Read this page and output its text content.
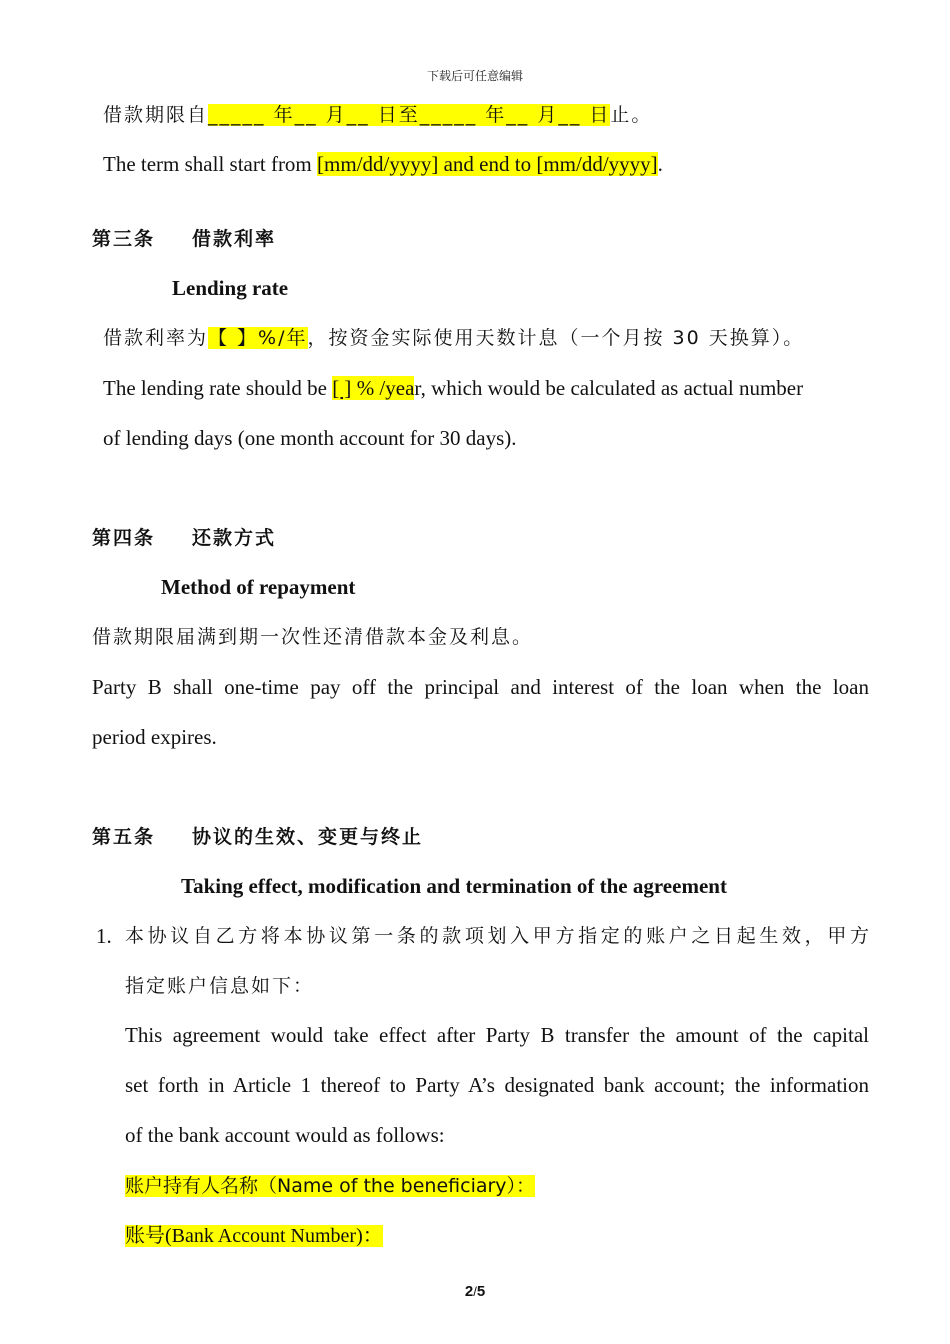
下载后可任意编辑
借款期限自_____ 年__ 月__ 日至_____ 年__ 月__ 日止。
The term shall start from [mm/dd/yyyy] and end to [mm/dd/yyyy].
第三条 借款利率
Lending rate
借款利率为【 】%/年，按资金实际使用天数计息（一个月按 30 天换算）。
The lending rate should be [ ] % /year, which would be calculated as actual number
of lending days (one month account for 30 days).
第四条 还款方式
Method of repayment
借款期限届满到期一次性还清借款本金及利息。
Party B shall one-time pay off the principal and interest of the loan when the loan
period expires.
第五条 协议的生效、变更与终止
Taking effect, modification and termination of the agreement
1. 本协议自乙方将本协议第一条的款项划入甲方指定的账户之日起生效，甲方
指定账户信息如下：
This agreement would take effect after Party B transfer the amount of the capital
set forth in Article 1 thereof to Party A’s designated bank account; the information
of the bank account would as follows:
账户持有人名称（Name of the beneficiary）：
账号(Bank Account Number)：
2/5
